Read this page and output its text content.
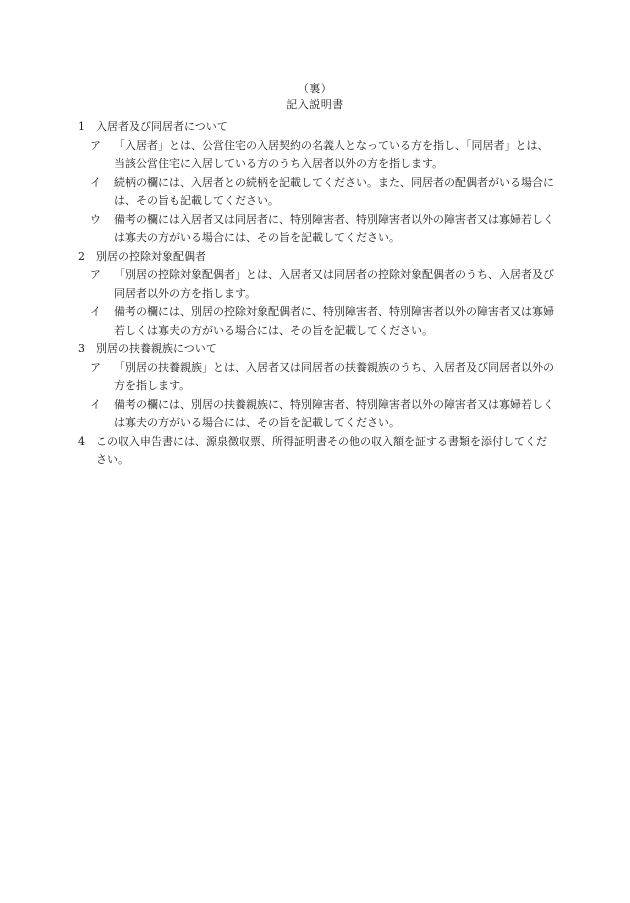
（裏）
記入説明書
1	入居者及び同居者について
ア	「入居者」とは、公営住宅の入居契約の名義人となっている方を指し、「同居者」とは、当該公営住宅に入居している方のうち入居者以外の方を指します。
イ	続柄の欄には、入居者との続柄を記載してください。また、同居者の配偶者がいる場合には、その旨も記載してください。
ウ	備考の欄には入居者又は同居者に、特別障害者、特別障害者以外の障害者又は寡婦若しくは寡夫の方がいる場合には、その旨を記載してください。
2	別居の控除対象配偶者
ア	「別居の控除対象配偶者」とは、入居者又は同居者の控除対象配偶者のうち、入居者及び同居者以外の方を指します。
イ	備考の欄には、別居の控除対象配偶者に、特別障害者、特別障害者以外の障害者又は寡婦若しくは寡夫の方がいる場合には、その旨を記載してください。
3	別居の扶養親族について
ア	「別居の扶養親族」とは、入居者又は同居者の扶養親族のうち、入居者及び同居者以外の方を指します。
イ	備考の欄には、別居の扶養親族に、特別障害者、特別障害者以外の障害者又は寡婦若しくは寡夫の方がいる場合には、その旨を記載してください。
4	この収入申告書には、源泉徴収票、所得証明書その他の収入額を証する書類を添付してください。
